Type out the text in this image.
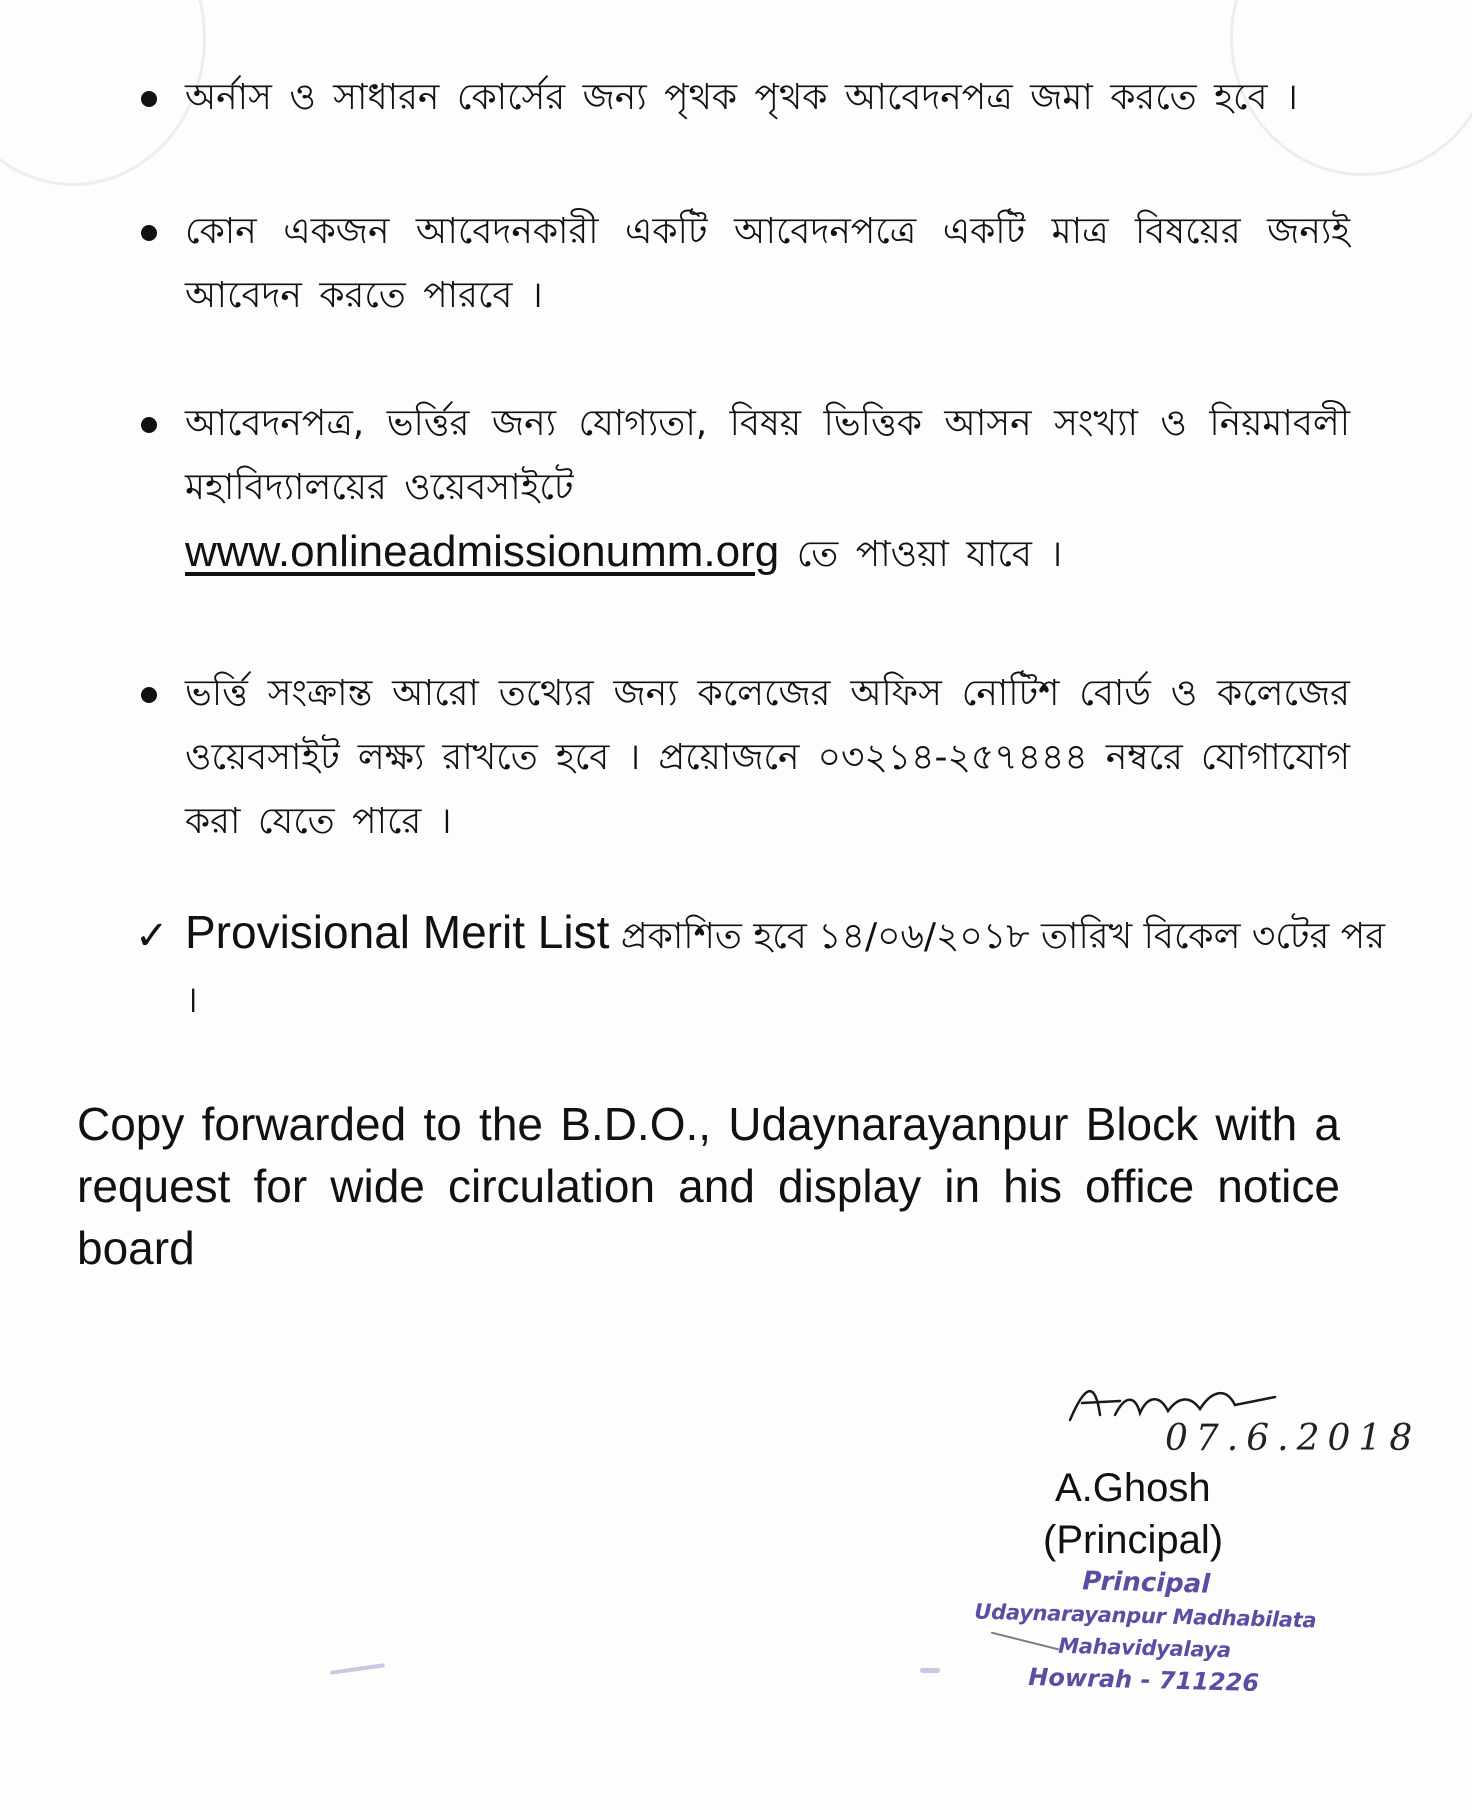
অর্নাস ও সাধারন কোর্সের জন্য পৃথক পৃথক আবেদনপত্র জমা করতে হবে ।
কোন একজন আবেদনকারী একটি আবেদনপত্রে একটি মাত্র বিষয়ের জন্যই আবেদন করতে পারবে ।
আবেদনপত্র, ভর্ত্তির জন্য যোগ্যতা, বিষয় ভিত্তিক আসন সংখ্যা ও নিয়মাবলী মহাবিদ্যালয়ের ওয়েবসাইটে
www.onlineadmissionumm.org তে পাওয়া যাবে ।
ভর্ত্তি সংক্রান্ত আরো তথ্যের জন্য কলেজের অফিস নোটিশ বোর্ড ও কলেজের ওয়েবসাইট লক্ষ্য রাখতে হবে । প্রয়োজনে ০৩২১৪-২৫৭৪৪৪ নম্বরে যোগাযোগ করা যেতে পারে ।
✓ Provisional Merit List প্রকাশিত হবে ১৪/০৬/২০১৮ তারিখ বিকেল ৩টের পর ।
Copy forwarded to the B.D.O., Udaynarayanpur Block with a request for wide circulation and display in his office notice board
07.6.2018
A.Ghosh
(Principal)
Principal
Udaynarayanpur Madhabilata Mahavidyalaya
Howrah - 711226
